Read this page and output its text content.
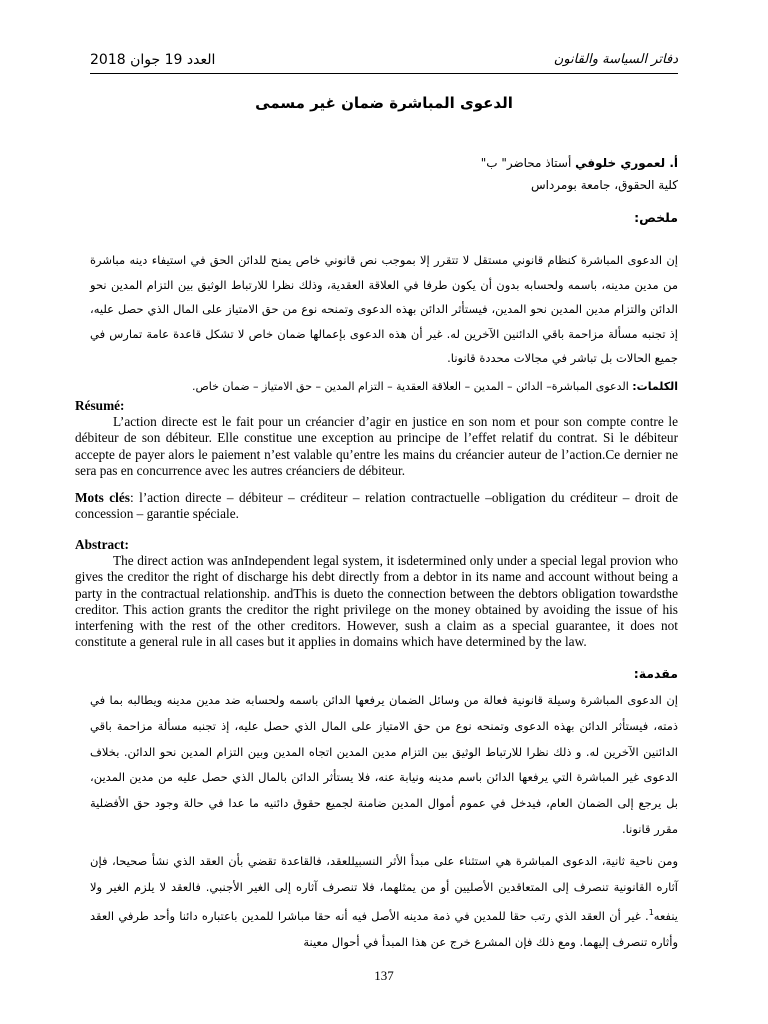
العدد 19 جوان 2018	دفاتر السياسة والقانون
الدعوى المباشرة ضمان غير مسمى
أ. لعموري خلوفي أستاذ محاضر" ب"
كلية الحقوق، جامعة بومرداس
ملخص:
إن الدعوى المباشرة كنظام قانوني مستقل لا تتقرر إلا بموجب نص قانوني خاص يمنح للدائن الحق في استيفاء دينه مباشرة من مدين مدينه، باسمه ولحسابه بدون أن يكون طرفا في العلاقة العقدية، وذلك نظرا للارتباط الوثيق بين التزام المدين نحو الدائن والتزام مدين المدين نحو المدين، فيستأثر الدائن بهذه الدعوى وتمنحه نوع من حق الامتياز على المال الذي حصل عليه، إذ تجنبه مسألة مزاحمة باقي الدائنين الآخرين له. غير أن هذه الدعوى بإعمالها ضمان خاص لا تشكل قاعدة عامة تمارس في جميع الحالات بل تباشر في مجالات محددة قانونا.
الكلمات: الدعوى المباشرة– الدائن – المدين – العلاقة العقدية – التزام المدين – حق الامتياز – ضمان خاص.
Résumé:
L’action directe est le fait pour un créancier d’agir en justice en son nom et pour son compte contre le débiteur de son débiteur. Elle constitue une exception au principe de l’effet relatif du contrat. Si le débiteur accepte de payer alors le paiement n’est valable qu’entre les mains du créancier auteur de l’action.Ce dernier ne sera pas en concurrence avec les autres créanciers de débiteur.
Mots clés: l’action directe – débiteur – créditeur – relation contractuelle –obligation du créditeur – droit de concession – garantie spéciale.
Abstract:
The direct action was anIndependent legal system, it isdetermined only under a special legal provion who gives the creditor the right of discharge his debt directly from a debtor in its name and account without being a party in the contractual relationship. andThis is dueto the connection between the debtors obligation towardsthe creditor. This action grants the creditor the right privilege on the money obtained by avoiding the issue of his interfening with the rest of the other creditors. However, sush a claim as a special guarantee, it does not constitute a general rule in all cases but it applies in domains which have determined by the law.
مقدمة:

إن الدعوى المباشرة وسيلة قانونية فعالة من وسائل الضمان يرفعها الدائن باسمه ولحسابه ضد مدين مدينه ويطالبه بما في ذمته، فيستأثر الدائن بهذه الدعوى وتمنحه نوع من حق الامتياز على المال الذي حصل عليه، إذ تجنبه مسألة مزاحمة باقي الدائنين الآخرين له. و ذلك نظرا للارتباط الوثيق بين التزام مدين المدين اتجاه المدين وبين التزام المدين نحو الدائن. بخلاف الدعوى غير المباشرة التي يرفعها الدائن باسم مدينه ونيابة عنه، فلا يستأثر الدائن بالمال الذي حصل عليه من مدين المدين، بل يرجع إلى الضمان العام، فيدخل في عموم أموال المدين ضامنة لجميع حقوق دائنيه ما عدا في حالة وجود حق الأفضلية مقرر قانونا.

ومن ناحية ثانية، الدعوى المباشرة هي استثناء على مبدأ الأثر النسبيللعقد، فالقاعدة تقضي بأن العقد الذي نشأ صحيحا، فإن آثاره القانونية تنصرف إلى المتعاقدين الأصليين أو من يمثلهما، فلا تنصرف آثاره إلى الغير الأجنبي. فالعقد لا يلزم الغير ولا ينفعه$^1$. غير أن العقد الذي رتب حقا للمدين في ذمة مدينه الأصل فيه أنه حقا مباشرا للمدين باعتباره دائنا وأحد طرفي العقد وأثاره تنصرف إليهما. ومع ذلك فإن المشرع خرج عن هذا المبدأ في أحوال معينة

137
